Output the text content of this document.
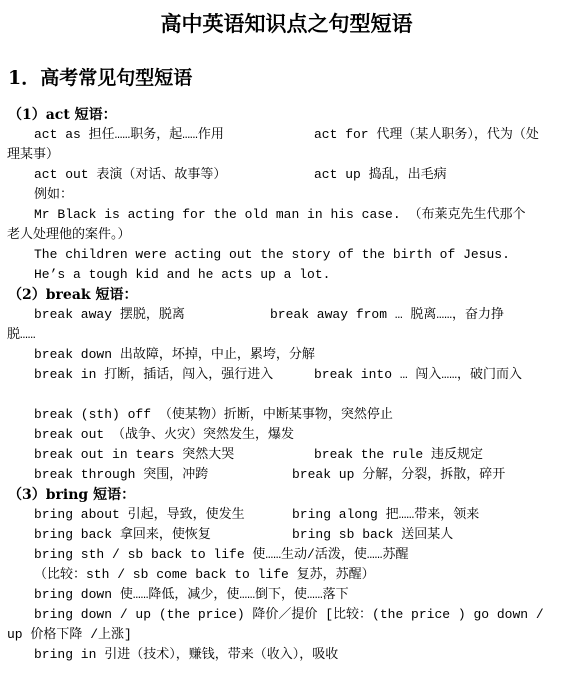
高中英语知识点之句型短语
1．高考常见句型短语
（1）act 短语：
act as 担任……职务，起……作用	act for 代理（某人职务），代为（处
理某事）
act out 表演（对话、故事等）	act up 捣乱，出毛病
例如：
Mr Black is acting for the old man in his case. （布莱克先生代那个
老人处理他的案件。）
The children were acting out the story of the birth of Jesus.
He’s a tough kid and he acts up a lot.
（2）break 短语：
break away 摆脱，脱离	break away from … 脱离……，奋力挣
脱……
break down 出故障，坏掉，中止，累垮，分解
break in 打断，插话，闯入，强行进入	break into … 闯入……，破门而入
break (sth) off （使某物）折断，中断某事物，突然停止
break out （战争、火灾）突然发生，爆发
break out in tears 突然大哭	break the rule 违反规定
break through 突围，冲跨	break up 分解，分裂，拆散，碎开
（3）bring 短语：
bring about 引起，导致，使发生	bring along 把……带来，领来
bring back 拿回来，使恢复	bring sb back 送回某人
bring sth / sb back to life 使……生动/活泼，使……苏醒
（比较：sth / sb come back to life 复苏，苏醒）
bring down 使……降低，减少，使……倒下，使……落下
bring down / up (the price) 降价／提价 [比较：(the price ) go down /
up 价格下降 /上涨]
bring in 引进（技术），赚钱，带来（收入），吸收
